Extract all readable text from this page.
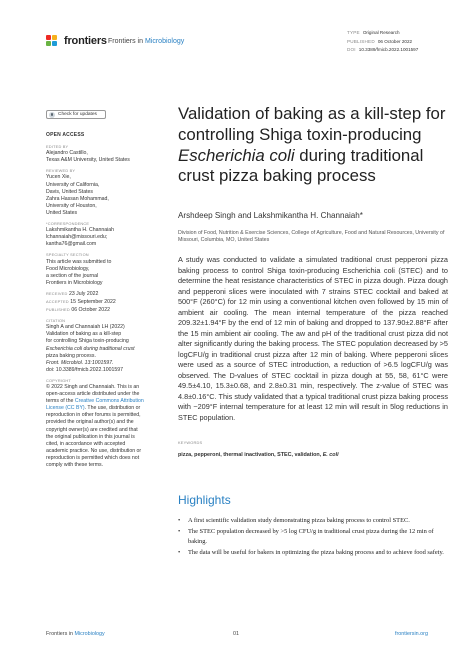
frontiers Frontiers in Microbiology
TYPE Original Research
PUBLISHED 06 October 2022
DOI 10.3389/fmicb.2022.1001597
Check for updates
OPEN ACCESS
EDITED BY
Alejandro Castillo,
Texas A&M University, United States
REVIEWED BY
Yucen Xie,
University of California,
Davis, United States
Zahra Hassan Mohammad,
University of Houston,
United States
*CORRESPONDENCE
Lakshmikantha H. Channaiah
lchannaiah@missouri.edu;
kantha76@gmail.com
SPECIALTY SECTION
This article was submitted to
Food Microbiology,
a section of the journal
Frontiers in Microbiology
RECEIVED 23 July 2022
ACCEPTED 15 September 2022
PUBLISHED 06 October 2022
CITATION
Singh A and Channaiah LH (2022)
Validation of baking as a kill-step
for controlling Shiga toxin-producing
Escherichia coli during traditional crust
pizza baking process.
Front. Microbiol. 13:1001597.
doi: 10.3389/fmicb.2022.1001597
COPYRIGHT
© 2022 Singh and Channaiah. This is an
open-access article distributed under the
terms of the Creative Commons Attribution License (CC BY). The use, distribution or
reproduction in other forums is permitted,
provided the original author(s) and the
copyright owner(s) are credited and that
the original publication in this journal is
cited, in accordance with accepted
academic practice. No use, distribution or
reproduction is permitted which does not
comply with these terms.
Validation of baking as a kill-step for controlling Shiga toxin-producing Escherichia coli during traditional crust pizza baking process
Arshdeep Singh and Lakshmikantha H. Channaiah*
Division of Food, Nutrition & Exercise Sciences, College of Agriculture, Food and Natural Resources, University of Missouri, Columbia, MO, United States
A study was conducted to validate a simulated traditional crust pepperoni pizza baking process to control Shiga toxin-producing Escherichia coli (STEC) and to determine the heat resistance characteristics of STEC in pizza dough. Pizza dough and pepperoni slices were inoculated with 7 strains STEC cocktail and baked at 500°F (260°C) for 12 min using a conventional kitchen oven followed by 15 min of ambient air cooling. The mean internal temperature of the pizza reached 209.32±1.94°F by the end of 12 min of baking and dropped to 137.90±2.88°F after the 15 min ambient air cooling. The aw and pH of the traditional crust pizza did not alter significantly during the baking process. The STEC population decreased by >5 logCFU/g in traditional crust pizza after 12 min of baking. Where pepperoni slices were used as a source of STEC introduction, a reduction of >6.5 logCFU/g was observed. The D-values of STEC cocktail in pizza dough at 55, 58, 61°C were 49.5±4.10, 15.3±0.68, and 2.8±0.31 min, respectively. The z-value of STEC was 4.8±0.16°C. This study validated that a typical traditional crust pizza baking process with ~209°F internal temperature for at least 12 min will result in 5log reductions in STEC population.
KEYWORDS
pizza, pepperoni, thermal inactivation, STEC, validation, E. coli
Highlights
• A first scientific validation study demonstrating pizza baking process to control STEC.
• The STEC population decreased by >5 log CFU/g in traditional crust pizza during the 12 min of baking.
• The data will be useful for bakers in optimizing the pizza baking process and to achieve food safety.
Frontiers in Microbiology	01	frontiersin.org
